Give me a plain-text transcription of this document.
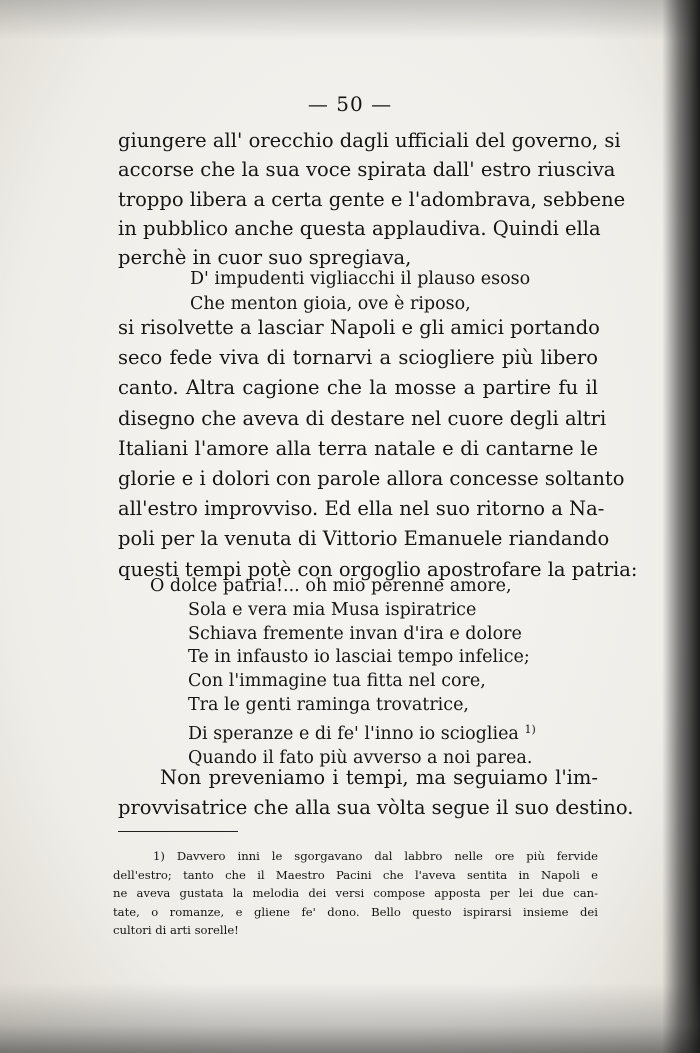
— 50 —
giungere all' orecchio dagli ufficiali del governo, si
accorse che la sua voce spirata dall' estro riusciva
troppo libera a certa gente e l'adombrava, sebbene
in pubblico anche questa applaudiva. Quindi ella
perchè in cuor suo spregiava,
D' impudenti vigliacchi il plauso esoso
Che menton gioia, ove è riposo,
si risolvette a lasciar Napoli e gli amici portando
seco fede viva di tornarvi a sciogliere più libero
canto. Altra cagione che la mosse a partire fu il
disegno che aveva di destare nel cuore degli altri
Italiani l'amore alla terra natale e di cantarne le
glorie e i dolori con parole allora concesse soltanto
all'estro improvviso. Ed ella nel suo ritorno a Na-
poli per la venuta di Vittorio Emanuele riandando
questi tempi potè con orgoglio apostrofare la patria:
O dolce patria!... oh mio perenne amore,
Sola e vera mia Musa ispiratrice
Schiava fremente invan d'ira e dolore
Te in infausto io lasciai tempo infelice;
Con l'immagine tua fitta nel core,
Tra le genti raminga trovatrice,
Di speranze e di fe' l'inno io sciogliea $^{1)}$
Quando il fato più avverso a noi parea.
Non preveniamo i tempi, ma seguiamo l'im-
provvisatrice che alla sua vòlta segue il suo destino.
1) Davvero inni le sgorgavano dal labbro nelle ore più fervide
dell'estro; tanto che il Maestro Pacini che l'aveva sentita in Napoli e
ne aveva gustata la melodia dei versi compose apposta per lei due can-
tate, o romanze, e gliene fe' dono. Bello questo ispirarsi insieme dei
cultori di arti sorelle!
